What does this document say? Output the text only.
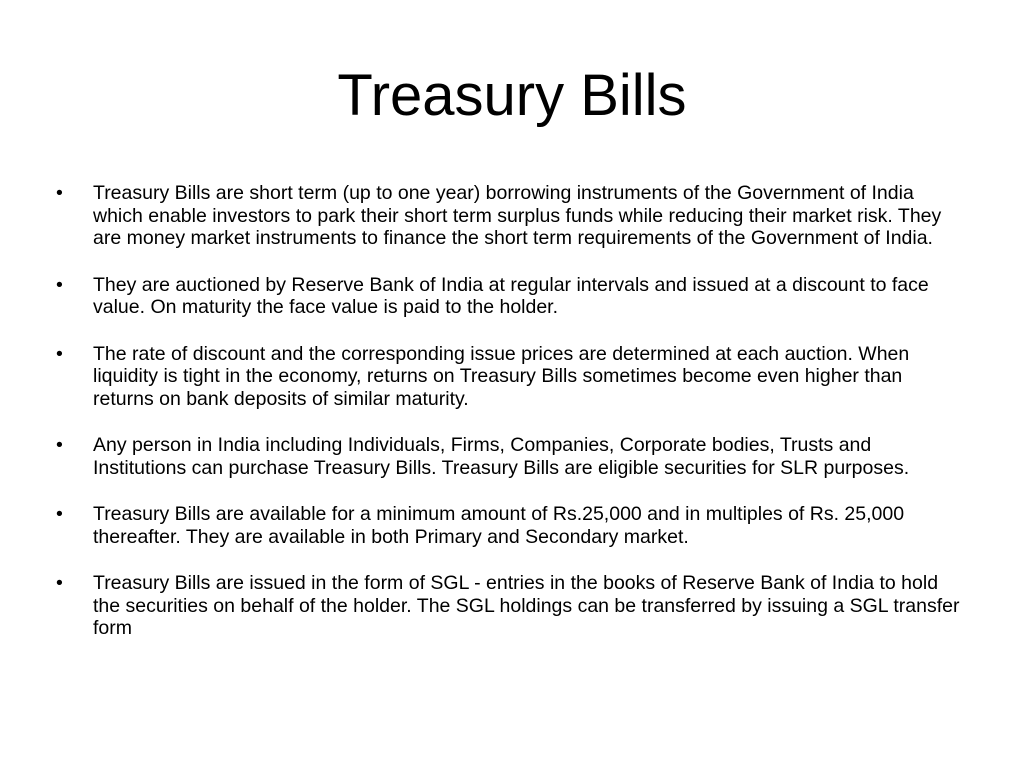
Treasury Bills
•	Treasury Bills are short term (up to one year) borrowing instruments of the Government of India which enable investors to park their short term surplus funds while reducing their market risk. They are money market instruments to finance the short term requirements of the Government of India.
•	They are auctioned by Reserve Bank of India at regular intervals and issued at a discount to face value. On maturity the face value is paid to the holder.
•	The rate of discount and the corresponding issue prices are determined at each auction. When liquidity is tight in the economy, returns on Treasury Bills sometimes become even higher than returns on bank deposits of similar maturity.
•	Any person in India including Individuals, Firms, Companies, Corporate bodies, Trusts and Institutions can purchase Treasury Bills. Treasury Bills are eligible securities for SLR purposes.
•	Treasury Bills are available for a minimum amount of Rs.25,000 and in multiples of Rs. 25,000 thereafter. They are available in both Primary and Secondary market.
•	Treasury Bills are issued in the form of SGL - entries in the books of Reserve Bank of India to hold the securities on behalf of the holder. The SGL holdings can be transferred by issuing a SGL transfer form
